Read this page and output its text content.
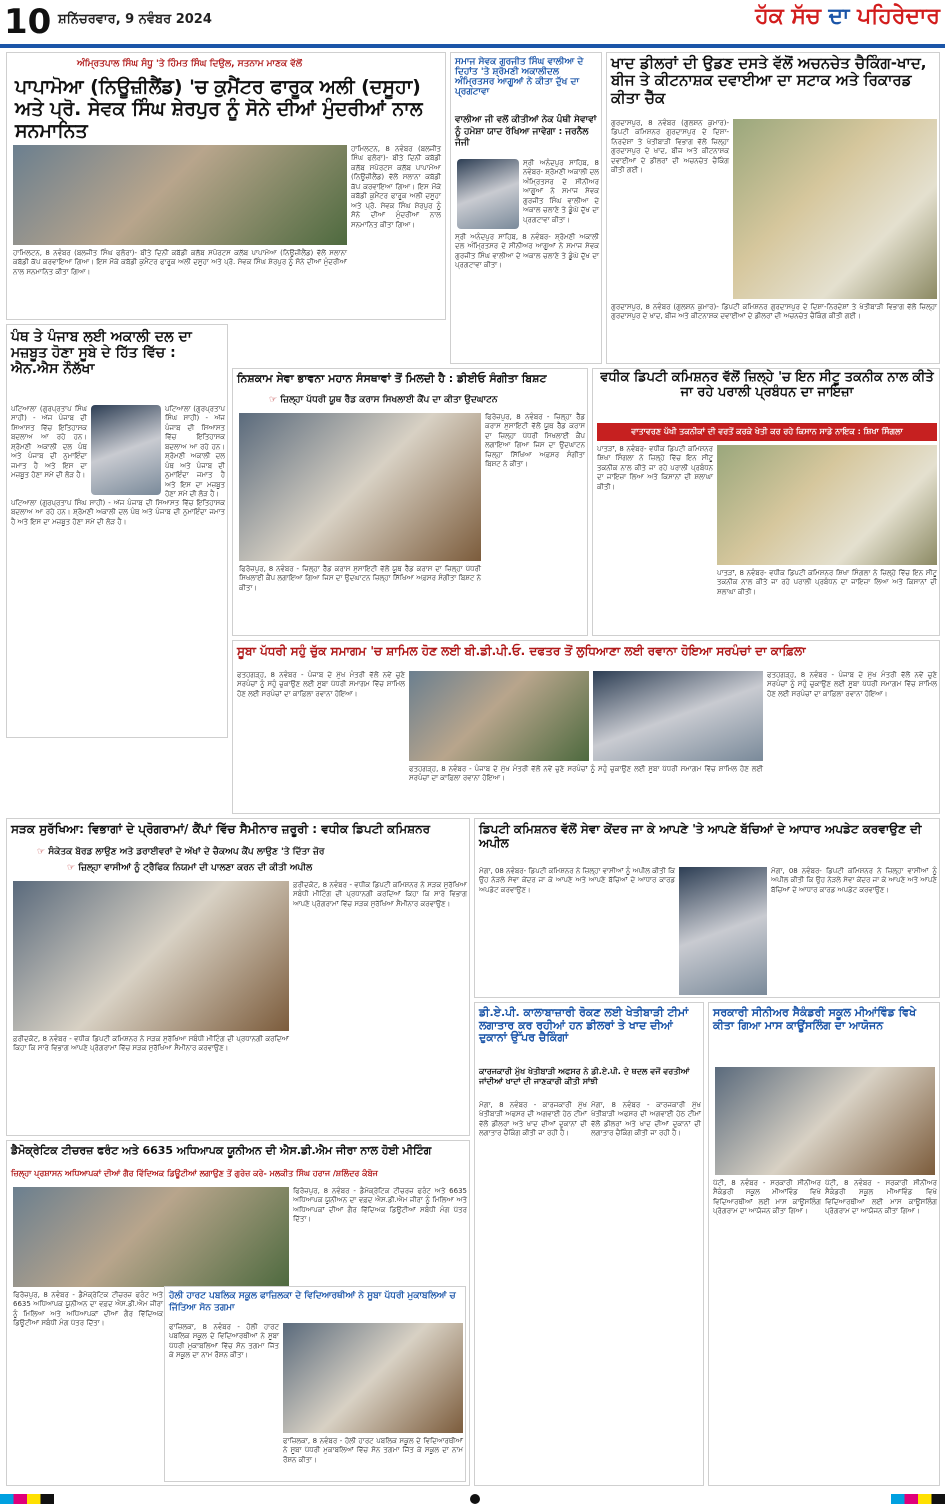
10 ਸ਼ਨਿੱਚਰਵਾਰ, 9 ਨਵੰਬਰ 2024	ਹੱਕ ਸੱਚ ਦਾ ਪਹਿਰੇਦਾਰ
ਅੰਮ੍ਰਿਤਪਾਲ ਸਿੰਘ ਸੰਧੂ 'ਤੇ ਹਿੰਮਤ ਸਿੰਘ ਦਿਉਲ, ਸਤਨਾਮ ਮਾਣਕ ਵੱਲੋਂ
ਪਾਪਾਮੋਆ (ਨਿਊਜ਼ੀਲੈਂਡ) 'ਚ ਕੁਮੈਂਟਰ ਫਾਰੂਕ ਅਲੀ (ਦਸੂਹਾ) ਅਤੇ ਪ੍ਰੋ. ਸੇਵਕ ਸਿੰਘ ਸ਼ੇਰਪੁਰ ਨੂੰ ਸੋਨੇ ਦੀਆਂ ਮੁੰਦਰੀਆਂ ਨਾਲ ਸਨਮਾਨਿਤ
ਹਾਮਿਲਟਨ, 8 ਨਵੰਬਰ (ਬਲਜੀਤ ਸਿੰਘ ਫਲੋਰਾ)- ਬੀਤੇ ਦਿਨੀਂ ਕਬੱਡੀ ਕਲੱਬ ਸਪੋਰਟਸ ਕਲੱਬ ਪਾਪਾਮੋਆ (ਨਿਊਜ਼ੀਲੈਂਡ) ਵੱਲੋਂ ਸਲਾਨਾ ਕਬੱਡੀ ਕੱਪ ਕਰਵਾਇਆ ਗਿਆ। ਇਸ ਮੌਕੇ ਕਬੱਡੀ ਕੁਮੈਂਟਰ ਫਾਰੂਕ ਅਲੀ ਦਸੂਹਾ ਅਤੇ ਪ੍ਰੋ. ਸੇਵਕ ਸਿੰਘ ਸ਼ੇਰਪੁਰ ਨੂੰ ਸੋਨੇ ਦੀਆਂ ਮੁੰਦਰੀਆਂ ਨਾਲ ਸਨਮਾਨਿਤ ਕੀਤਾ ਗਿਆ।
ਹਾਮਿਲਟਨ, 8 ਨਵੰਬਰ (ਬਲਜੀਤ ਸਿੰਘ ਫਲੋਰਾ)- ਬੀਤੇ ਦਿਨੀਂ ਕਬੱਡੀ ਕਲੱਬ ਸਪੋਰਟਸ ਕਲੱਬ ਪਾਪਾਮੋਆ (ਨਿਊਜ਼ੀਲੈਂਡ) ਵੱਲੋਂ ਸਲਾਨਾ ਕਬੱਡੀ ਕੱਪ ਕਰਵਾਇਆ ਗਿਆ। ਇਸ ਮੌਕੇ ਕਬੱਡੀ ਕੁਮੈਂਟਰ ਫਾਰੂਕ ਅਲੀ ਦਸੂਹਾ ਅਤੇ ਪ੍ਰੋ. ਸੇਵਕ ਸਿੰਘ ਸ਼ੇਰਪੁਰ ਨੂੰ ਸੋਨੇ ਦੀਆਂ ਮੁੰਦਰੀਆਂ ਨਾਲ ਸਨਮਾਨਿਤ ਕੀਤਾ ਗਿਆ।
ਸਮਾਜ ਸੇਵਕ ਗੁਰਜੀਤ ਸਿੰਘ ਵਾਲੀਆ ਦੇ ਦਿਹਾਂਤ 'ਤੇ ਸ਼੍ਰੋਮਣੀ ਅਕਾਲੀਦਲ ਅੰਮ੍ਰਿਤਸਰ ਆਗੂਆਂ ਨੇ ਕੀਤਾ ਦੁੱਖ ਦਾ ਪ੍ਰਗਟਾਵਾ
ਵਾਲੀਆ ਜੀ ਵਲੋਂ ਕੀਤੀਆਂ ਨੇਕ ਪੰਥੀ ਸੇਵਾਵਾਂ ਨੂੰ ਹਮੇਸ਼ਾ ਯਾਦ ਰੱਖਿਆ ਜਾਵੇਗਾ : ਜਰਨੈਲ ਜੇਜੀ
ਸ੍ਰੀ ਅਨੰਦਪੁਰ ਸਾਹਿਬ, 8 ਨਵੰਬਰ- ਸ਼੍ਰੋਮਣੀ ਅਕਾਲੀ ਦਲ ਅੰਮ੍ਰਿਤਸਰ ਦੇ ਸੀਨੀਅਰ ਆਗੂਆਂ ਨੇ ਸਮਾਜ ਸੇਵਕ ਗੁਰਜੀਤ ਸਿੰਘ ਵਾਲੀਆ ਦੇ ਅਕਾਲ ਚਲਾਣੇ ਤੇ ਡੂੰਘੇ ਦੁੱਖ ਦਾ ਪ੍ਰਗਟਾਵਾ ਕੀਤਾ।
ਸ੍ਰੀ ਅਨੰਦਪੁਰ ਸਾਹਿਬ, 8 ਨਵੰਬਰ- ਸ਼੍ਰੋਮਣੀ ਅਕਾਲੀ ਦਲ ਅੰਮ੍ਰਿਤਸਰ ਦੇ ਸੀਨੀਅਰ ਆਗੂਆਂ ਨੇ ਸਮਾਜ ਸੇਵਕ ਗੁਰਜੀਤ ਸਿੰਘ ਵਾਲੀਆ ਦੇ ਅਕਾਲ ਚਲਾਣੇ ਤੇ ਡੂੰਘੇ ਦੁੱਖ ਦਾ ਪ੍ਰਗਟਾਵਾ ਕੀਤਾ।
ਖਾਦ ਡੀਲਰਾਂ ਦੀ ਉਡਣ ਦਸਤੇ ਵੱਲੋਂ ਅਚਨਚੇਤ ਚੈਕਿੰਗ-ਖਾਦ, ਬੀਜ ਤੇ ਕੀਟਨਾਸ਼ਕ ਦਵਾਈਆ ਦਾ ਸਟਾਕ ਅਤੇ ਰਿਕਾਰਡ ਕੀਤਾ ਚੈੱਕ
ਗੁਰਦਾਸਪੁਰ, 8 ਨਵੰਬਰ (ਗੁਲਸ਼ਨ ਕੁਮਾਰ)- ਡਿਪਟੀ ਕਮਿਸ਼ਨਰ ਗੁਰਦਾਸਪੁਰ ਦੇ ਦਿਸ਼ਾ-ਨਿਰਦੇਸ਼ਾਂ ਤੇ ਖੇਤੀਬਾੜੀ ਵਿਭਾਗ ਵੱਲੋਂ ਜ਼ਿਲ੍ਹਾ ਗੁਰਦਾਸਪੁਰ ਦੇ ਖਾਦ, ਬੀਜ ਅਤੇ ਕੀਟਨਾਸ਼ਕ ਦਵਾਈਆਂ ਦੇ ਡੀਲਰਾਂ ਦੀ ਅਚਨਚੇਤ ਚੈਕਿੰਗ ਕੀਤੀ ਗਈ।
ਗੁਰਦਾਸਪੁਰ, 8 ਨਵੰਬਰ (ਗੁਲਸ਼ਨ ਕੁਮਾਰ)- ਡਿਪਟੀ ਕਮਿਸ਼ਨਰ ਗੁਰਦਾਸਪੁਰ ਦੇ ਦਿਸ਼ਾ-ਨਿਰਦੇਸ਼ਾਂ ਤੇ ਖੇਤੀਬਾੜੀ ਵਿਭਾਗ ਵੱਲੋਂ ਜ਼ਿਲ੍ਹਾ ਗੁਰਦਾਸਪੁਰ ਦੇ ਖਾਦ, ਬੀਜ ਅਤੇ ਕੀਟਨਾਸ਼ਕ ਦਵਾਈਆਂ ਦੇ ਡੀਲਰਾਂ ਦੀ ਅਚਨਚੇਤ ਚੈਕਿੰਗ ਕੀਤੀ ਗਈ।
ਪੰਥ ਤੇ ਪੰਜਾਬ ਲਈ ਅਕਾਲੀ ਦਲ ਦਾ ਮਜ਼ਬੂਤ ਹੋਣਾ ਸੂਬੇ ਦੇ ਹਿੱਤ ਵਿੱਚ : ਐਨ.ਐਸ ਨੌਲੱਖਾ
ਪਟਿਆਲਾ (ਗੁਰਪ੍ਰਤਾਪ ਸਿੰਘ ਸਾਹੀ) - ਅੱਜ ਪੰਜਾਬ ਦੀ ਸਿਆਸਤ ਵਿੱਚ ਇਤਿਹਾਸਕ ਬਦਲਾਅ ਆ ਰਹੇ ਹਨ। ਸ਼੍ਰੋਮਣੀ ਅਕਾਲੀ ਦਲ ਪੰਥ ਅਤੇ ਪੰਜਾਬ ਦੀ ਨੁਮਾਇੰਦਾ ਜਮਾਤ ਹੈ ਅਤੇ ਇਸ ਦਾ ਮਜ਼ਬੂਤ ਹੋਣਾ ਸਮੇਂ ਦੀ ਲੋੜ ਹੈ।
ਪਟਿਆਲਾ (ਗੁਰਪ੍ਰਤਾਪ ਸਿੰਘ ਸਾਹੀ) - ਅੱਜ ਪੰਜਾਬ ਦੀ ਸਿਆਸਤ ਵਿੱਚ ਇਤਿਹਾਸਕ ਬਦਲਾਅ ਆ ਰਹੇ ਹਨ। ਸ਼੍ਰੋਮਣੀ ਅਕਾਲੀ ਦਲ ਪੰਥ ਅਤੇ ਪੰਜਾਬ ਦੀ ਨੁਮਾਇੰਦਾ ਜਮਾਤ ਹੈ ਅਤੇ ਇਸ ਦਾ ਮਜ਼ਬੂਤ ਹੋਣਾ ਸਮੇਂ ਦੀ ਲੋੜ ਹੈ।
ਪਟਿਆਲਾ (ਗੁਰਪ੍ਰਤਾਪ ਸਿੰਘ ਸਾਹੀ) - ਅੱਜ ਪੰਜਾਬ ਦੀ ਸਿਆਸਤ ਵਿੱਚ ਇਤਿਹਾਸਕ ਬਦਲਾਅ ਆ ਰਹੇ ਹਨ। ਸ਼੍ਰੋਮਣੀ ਅਕਾਲੀ ਦਲ ਪੰਥ ਅਤੇ ਪੰਜਾਬ ਦੀ ਨੁਮਾਇੰਦਾ ਜਮਾਤ ਹੈ ਅਤੇ ਇਸ ਦਾ ਮਜ਼ਬੂਤ ਹੋਣਾ ਸਮੇਂ ਦੀ ਲੋੜ ਹੈ।
ਨਿਸ਼ਕਾਮ ਸੇਵਾ ਭਾਵਨਾ ਮਹਾਨ ਸੰਸਥਾਵਾਂ ਤੋਂ ਮਿਲਦੀ ਹੈ : ਡੀਈਓ ਸੰਗੀਤਾ ਬਿਸ਼ਟ
☞ ਜ਼ਿਲ੍ਹਾ ਪੱਧਰੀ ਯੂਥ ਰੈੱਡ ਕਰਾਸ ਸਿਖਲਾਈ ਕੈਂਪ ਦਾ ਕੀਤਾ ਉਦਘਾਟਨ
ਫਿਰੋਜ਼ਪੁਰ, 8 ਨਵੰਬਰ - ਜ਼ਿਲ੍ਹਾ ਰੈੱਡ ਕਰਾਸ ਸੁਸਾਇਟੀ ਵੱਲੋਂ ਯੂਥ ਰੈੱਡ ਕਰਾਸ ਦਾ ਜ਼ਿਲ੍ਹਾ ਪੱਧਰੀ ਸਿਖਲਾਈ ਕੈਂਪ ਲਗਾਇਆ ਗਿਆ ਜਿਸ ਦਾ ਉਦਘਾਟਨ ਜ਼ਿਲ੍ਹਾ ਸਿੱਖਿਆ ਅਫ਼ਸਰ ਸੰਗੀਤਾ ਬਿਸ਼ਟ ਨੇ ਕੀਤਾ।
ਫਿਰੋਜ਼ਪੁਰ, 8 ਨਵੰਬਰ - ਜ਼ਿਲ੍ਹਾ ਰੈੱਡ ਕਰਾਸ ਸੁਸਾਇਟੀ ਵੱਲੋਂ ਯੂਥ ਰੈੱਡ ਕਰਾਸ ਦਾ ਜ਼ਿਲ੍ਹਾ ਪੱਧਰੀ ਸਿਖਲਾਈ ਕੈਂਪ ਲਗਾਇਆ ਗਿਆ ਜਿਸ ਦਾ ਉਦਘਾਟਨ ਜ਼ਿਲ੍ਹਾ ਸਿੱਖਿਆ ਅਫ਼ਸਰ ਸੰਗੀਤਾ ਬਿਸ਼ਟ ਨੇ ਕੀਤਾ।
ਵਧੀਕ ਡਿਪਟੀ ਕਮਿਸ਼ਨਰ ਵੱਲੋਂ ਜ਼ਿਲ੍ਹੇ 'ਚ ਇਨ ਸੀਟੂ ਤਕਨੀਕ ਨਾਲ ਕੀਤੇ ਜਾ ਰਹੇ ਪਰਾਲੀ ਪ੍ਰਬੰਧਨ ਦਾ ਜਾਇਜ਼ਾ
ਵਾਤਾਵਰਣ ਪੱਖੀ ਤਕਨੀਕਾਂ ਦੀ ਵਰਤੋਂ ਕਰਕੇ ਖੇਤੀ ਕਰ ਰਹੇ ਕਿਸਾਨ ਸਾਡੇ ਨਾਇਕ : ਸ਼ਿਖਾ ਸਿੰਗਲਾ
ਪਾਤੜਾਂ, 8 ਨਵੰਬਰ- ਵਧੀਕ ਡਿਪਟੀ ਕਮਿਸ਼ਨਰ ਸ਼ਿਖਾ ਸਿੰਗਲਾ ਨੇ ਜ਼ਿਲ੍ਹੇ ਵਿੱਚ ਇਨ ਸੀਟੂ ਤਕਨੀਕ ਨਾਲ ਕੀਤੇ ਜਾ ਰਹੇ ਪਰਾਲੀ ਪ੍ਰਬੰਧਨ ਦਾ ਜਾਇਜ਼ਾ ਲਿਆ ਅਤੇ ਕਿਸਾਨਾਂ ਦੀ ਸ਼ਲਾਘਾ ਕੀਤੀ।
ਪਾਤੜਾਂ, 8 ਨਵੰਬਰ- ਵਧੀਕ ਡਿਪਟੀ ਕਮਿਸ਼ਨਰ ਸ਼ਿਖਾ ਸਿੰਗਲਾ ਨੇ ਜ਼ਿਲ੍ਹੇ ਵਿੱਚ ਇਨ ਸੀਟੂ ਤਕਨੀਕ ਨਾਲ ਕੀਤੇ ਜਾ ਰਹੇ ਪਰਾਲੀ ਪ੍ਰਬੰਧਨ ਦਾ ਜਾਇਜ਼ਾ ਲਿਆ ਅਤੇ ਕਿਸਾਨਾਂ ਦੀ ਸ਼ਲਾਘਾ ਕੀਤੀ।
ਸੂਬਾ ਪੱਧਰੀ ਸਹੁੰ ਚੁੱਕ ਸਮਾਗਮ 'ਚ ਸ਼ਾਮਿਲ ਹੋਣ ਲਈ ਬੀ.ਡੀ.ਪੀ.ਓ. ਦਫਤਰ ਤੋਂ ਲੁਧਿਆਣਾ ਲਈ ਰਵਾਨਾ ਹੋਇਆ ਸਰਪੰਚਾਂ ਦਾ ਕਾਫ਼ਿਲਾ
ਫਤਹਗੜ੍ਹ, 8 ਨਵੰਬਰ - ਪੰਜਾਬ ਦੇ ਮੁੱਖ ਮੰਤਰੀ ਵੱਲੋਂ ਨਵੇਂ ਚੁਣੇ ਸਰਪੰਚਾਂ ਨੂੰ ਸਹੁੰ ਚੁਕਾਉਣ ਲਈ ਸੂਬਾ ਪੱਧਰੀ ਸਮਾਗਮ ਵਿੱਚ ਸ਼ਾਮਿਲ ਹੋਣ ਲਈ ਸਰਪੰਚਾਂ ਦਾ ਕਾਫ਼ਿਲਾ ਰਵਾਨਾ ਹੋਇਆ।
ਫਤਹਗੜ੍ਹ, 8 ਨਵੰਬਰ - ਪੰਜਾਬ ਦੇ ਮੁੱਖ ਮੰਤਰੀ ਵੱਲੋਂ ਨਵੇਂ ਚੁਣੇ ਸਰਪੰਚਾਂ ਨੂੰ ਸਹੁੰ ਚੁਕਾਉਣ ਲਈ ਸੂਬਾ ਪੱਧਰੀ ਸਮਾਗਮ ਵਿੱਚ ਸ਼ਾਮਿਲ ਹੋਣ ਲਈ ਸਰਪੰਚਾਂ ਦਾ ਕਾਫ਼ਿਲਾ ਰਵਾਨਾ ਹੋਇਆ।
ਫਤਹਗੜ੍ਹ, 8 ਨਵੰਬਰ - ਪੰਜਾਬ ਦੇ ਮੁੱਖ ਮੰਤਰੀ ਵੱਲੋਂ ਨਵੇਂ ਚੁਣੇ ਸਰਪੰਚਾਂ ਨੂੰ ਸਹੁੰ ਚੁਕਾਉਣ ਲਈ ਸੂਬਾ ਪੱਧਰੀ ਸਮਾਗਮ ਵਿੱਚ ਸ਼ਾਮਿਲ ਹੋਣ ਲਈ ਸਰਪੰਚਾਂ ਦਾ ਕਾਫ਼ਿਲਾ ਰਵਾਨਾ ਹੋਇਆ।
ਸੜਕ ਸੁਰੱਖਿਆ: ਵਿਭਾਗਾਂ ਦੇ ਪ੍ਰੋਗਰਾਮਾਂ/ ਕੈਂਪਾਂ ਵਿੱਚ ਸੈਮੀਨਾਰ ਜ਼ਰੂਰੀ : ਵਧੀਕ ਡਿਪਟੀ ਕਮਿਸ਼ਨਰ
☞ ਸੰਕੇਤਕ ਬੋਰਡ ਲਾਉਣ ਅਤੇ ਡਰਾਈਵਰਾਂ ਦੇ ਅੱਖਾਂ ਦੇ ਚੈਕਅਪ ਕੈਂਪ ਲਾਉਣ 'ਤੇ ਦਿੱਤਾ ਜ਼ੋਰ
☞ ਜ਼ਿਲ੍ਹਾ ਵਾਸੀਆਂ ਨੂੰ ਟ੍ਰੈਫਿਕ ਨਿਯਮਾਂ ਦੀ ਪਾਲਣਾ ਕਰਨ ਦੀ ਕੀਤੀ ਅਪੀਲ
ਫ਼ਰੀਦਕੋਟ, 8 ਨਵੰਬਰ - ਵਧੀਕ ਡਿਪਟੀ ਕਮਿਸ਼ਨਰ ਨੇ ਸੜਕ ਸੁਰੱਖਿਆ ਸਬੰਧੀ ਮੀਟਿੰਗ ਦੀ ਪ੍ਰਧਾਨਗੀ ਕਰਦਿਆਂ ਕਿਹਾ ਕਿ ਸਾਰੇ ਵਿਭਾਗ ਆਪਣੇ ਪ੍ਰੋਗਰਾਮਾਂ ਵਿੱਚ ਸੜਕ ਸੁਰੱਖਿਆ ਸੈਮੀਨਾਰ ਕਰਵਾਉਣ।
ਫ਼ਰੀਦਕੋਟ, 8 ਨਵੰਬਰ - ਵਧੀਕ ਡਿਪਟੀ ਕਮਿਸ਼ਨਰ ਨੇ ਸੜਕ ਸੁਰੱਖਿਆ ਸਬੰਧੀ ਮੀਟਿੰਗ ਦੀ ਪ੍ਰਧਾਨਗੀ ਕਰਦਿਆਂ ਕਿਹਾ ਕਿ ਸਾਰੇ ਵਿਭਾਗ ਆਪਣੇ ਪ੍ਰੋਗਰਾਮਾਂ ਵਿੱਚ ਸੜਕ ਸੁਰੱਖਿਆ ਸੈਮੀਨਾਰ ਕਰਵਾਉਣ।
ਡਿਪਟੀ ਕਮਿਸ਼ਨਰ ਵੱਲੋਂ ਸੇਵਾ ਕੇਂਦਰ ਜਾ ਕੇ ਆਪਣੇ 'ਤੇ ਆਪਣੇ ਬੱਚਿਆਂ ਦੇ ਆਧਾਰ ਅਪਡੇਟ ਕਰਵਾਉਣ ਦੀ ਅਪੀਲ
ਮੋਗਾ, 08 ਨਵੰਬਰ- ਡਿਪਟੀ ਕਮਿਸ਼ਨਰ ਨੇ ਜ਼ਿਲ੍ਹਾ ਵਾਸੀਆਂ ਨੂੰ ਅਪੀਲ ਕੀਤੀ ਕਿ ਉਹ ਨੇੜਲੇ ਸੇਵਾ ਕੇਂਦਰ ਜਾ ਕੇ ਆਪਣੇ ਅਤੇ ਆਪਣੇ ਬੱਚਿਆਂ ਦੇ ਆਧਾਰ ਕਾਰਡ ਅਪਡੇਟ ਕਰਵਾਉਣ।
ਮੋਗਾ, 08 ਨਵੰਬਰ- ਡਿਪਟੀ ਕਮਿਸ਼ਨਰ ਨੇ ਜ਼ਿਲ੍ਹਾ ਵਾਸੀਆਂ ਨੂੰ ਅਪੀਲ ਕੀਤੀ ਕਿ ਉਹ ਨੇੜਲੇ ਸੇਵਾ ਕੇਂਦਰ ਜਾ ਕੇ ਆਪਣੇ ਅਤੇ ਆਪਣੇ ਬੱਚਿਆਂ ਦੇ ਆਧਾਰ ਕਾਰਡ ਅਪਡੇਟ ਕਰਵਾਉਣ।
ਡੈਮੋਕ੍ਰੇਟਿਕ ਟੀਚਰਜ਼ ਫਰੰਟ ਅਤੇ 6635 ਅਧਿਆਪਕ ਯੂਨੀਅਨ ਦੀ ਐਸ.ਡੀ.ਐਮ ਜੀਰਾ ਨਾਲ ਹੋਈ ਮੀਟਿੰਗ
ਜ਼ਿਲ੍ਹਾ ਪ੍ਰਸ਼ਾਸਨ ਅਧਿਆਪਕਾਂ ਦੀਆਂ ਗੈਰ ਵਿੱਦਿਅਕ ਡਿਊਟੀਆਂ ਲਗਾਉਣ ਤੋਂ ਗੁਰੇਜ਼ ਕਰੇ- ਮਲਕੀਤ ਸਿੰਘ ਹਰਾਜ /ਸ਼ਲਿੰਦਰ ਕੰਬੋਜ
ਫਿਰੋਜ਼ਪੁਰ, 8 ਨਵੰਬਰ - ਡੈਮੋਕ੍ਰੇਟਿਕ ਟੀਚਰਜ਼ ਫਰੰਟ ਅਤੇ 6635 ਅਧਿਆਪਕ ਯੂਨੀਅਨ ਦਾ ਵਫ਼ਦ ਐਸ.ਡੀ.ਐਮ ਜੀਰਾ ਨੂੰ ਮਿਲਿਆ ਅਤੇ ਅਧਿਆਪਕਾਂ ਦੀਆਂ ਗੈਰ ਵਿੱਦਿਅਕ ਡਿਊਟੀਆਂ ਸਬੰਧੀ ਮੰਗ ਪੱਤਰ ਦਿੱਤਾ।
ਫਿਰੋਜ਼ਪੁਰ, 8 ਨਵੰਬਰ - ਡੈਮੋਕ੍ਰੇਟਿਕ ਟੀਚਰਜ਼ ਫਰੰਟ ਅਤੇ 6635 ਅਧਿਆਪਕ ਯੂਨੀਅਨ ਦਾ ਵਫ਼ਦ ਐਸ.ਡੀ.ਐਮ ਜੀਰਾ ਨੂੰ ਮਿਲਿਆ ਅਤੇ ਅਧਿਆਪਕਾਂ ਦੀਆਂ ਗੈਰ ਵਿੱਦਿਅਕ ਡਿਊਟੀਆਂ ਸਬੰਧੀ ਮੰਗ ਪੱਤਰ ਦਿੱਤਾ।
ਹੋਲੀ ਹਾਰਟ ਪਬਲਿਕ ਸਕੂਲ ਫਾਜ਼ਿਲਕਾ ਦੇ ਵਿਦਿਆਰਥੀਆਂ ਨੇ ਸੂਬਾ ਪੱਧਰੀ ਮੁਕਾਬਲਿਆਂ ਚ ਜਿੱਤਿਆ ਸੋਨ ਤਗਮਾ
ਫਾਜ਼ਿਲਕਾ, 8 ਨਵੰਬਰ - ਹੋਲੀ ਹਾਰਟ ਪਬਲਿਕ ਸਕੂਲ ਦੇ ਵਿਦਿਆਰਥੀਆਂ ਨੇ ਸੂਬਾ ਪੱਧਰੀ ਮੁਕਾਬਲਿਆਂ ਵਿੱਚ ਸੋਨ ਤਗਮਾ ਜਿੱਤ ਕੇ ਸਕੂਲ ਦਾ ਨਾਮ ਰੌਸ਼ਨ ਕੀਤਾ।
ਫਾਜ਼ਿਲਕਾ, 8 ਨਵੰਬਰ - ਹੋਲੀ ਹਾਰਟ ਪਬਲਿਕ ਸਕੂਲ ਦੇ ਵਿਦਿਆਰਥੀਆਂ ਨੇ ਸੂਬਾ ਪੱਧਰੀ ਮੁਕਾਬਲਿਆਂ ਵਿੱਚ ਸੋਨ ਤਗਮਾ ਜਿੱਤ ਕੇ ਸਕੂਲ ਦਾ ਨਾਮ ਰੌਸ਼ਨ ਕੀਤਾ।
ਡੀ.ਏ.ਪੀ. ਕਾਲਾਬਾਜ਼ਾਰੀ ਰੋਕਣ ਲਈ ਖੇਤੀਬਾੜੀ ਟੀਮਾਂ ਲਗਾਤਾਰ ਕਰ ਰਹੀਆਂ ਹਨ ਡੀਲਰਾਂ ਤੇ ਖਾਦ ਦੀਆਂ ਦੁਕਾਨਾਂ ਉੱਪਰ ਚੈਕਿੰਗਾਂ
ਕਾਰਜਕਾਰੀ ਮੁੱਖ ਖੇਤੀਬਾੜੀ ਅਫਸਰ ਨੇ ਡੀ.ਏ.ਪੀ. ਦੇ ਥਦਲ ਵਜੋਂ ਵਰਤੀਆਂ ਜਾਂਦੀਆਂ ਖਾਦਾਂ ਦੀ ਜਾਣਕਾਰੀ ਕੀਤੀ ਸਾਂਝੀ
ਮੋਗਾ, 8 ਨਵੰਬਰ - ਕਾਰਜਕਾਰੀ ਮੁੱਖ ਖੇਤੀਬਾੜੀ ਅਫਸਰ ਦੀ ਅਗਵਾਈ ਹੇਠ ਟੀਮਾਂ ਵੱਲੋਂ ਡੀਲਰਾਂ ਅਤੇ ਖਾਦ ਦੀਆਂ ਦੁਕਾਨਾਂ ਦੀ ਲਗਾਤਾਰ ਚੈਕਿੰਗ ਕੀਤੀ ਜਾ ਰਹੀ ਹੈ।
ਮੋਗਾ, 8 ਨਵੰਬਰ - ਕਾਰਜਕਾਰੀ ਮੁੱਖ ਖੇਤੀਬਾੜੀ ਅਫਸਰ ਦੀ ਅਗਵਾਈ ਹੇਠ ਟੀਮਾਂ ਵੱਲੋਂ ਡੀਲਰਾਂ ਅਤੇ ਖਾਦ ਦੀਆਂ ਦੁਕਾਨਾਂ ਦੀ ਲਗਾਤਾਰ ਚੈਕਿੰਗ ਕੀਤੀ ਜਾ ਰਹੀ ਹੈ।
ਸਰਕਾਰੀ ਸੀਨੀਅਰ ਸੈਕੰਡਰੀ ਸਕੂਲ ਮੀਆਂਵਿੰਡ ਵਿਖੇ ਕੀਤਾ ਗਿਆ ਮਾਸ ਕਾਊਂਸਲਿੰਗ ਦਾ ਆਯੋਜਨ
ਪੱਟੀ, 8 ਨਵੰਬਰ - ਸਰਕਾਰੀ ਸੀਨੀਅਰ ਸੈਕੰਡਰੀ ਸਕੂਲ ਮੀਆਂਵਿੰਡ ਵਿਖੇ ਵਿਦਿਆਰਥੀਆਂ ਲਈ ਮਾਸ ਕਾਊਂਸਲਿੰਗ ਪ੍ਰੋਗਰਾਮ ਦਾ ਆਯੋਜਨ ਕੀਤਾ ਗਿਆ।
ਪੱਟੀ, 8 ਨਵੰਬਰ - ਸਰਕਾਰੀ ਸੀਨੀਅਰ ਸੈਕੰਡਰੀ ਸਕੂਲ ਮੀਆਂਵਿੰਡ ਵਿਖੇ ਵਿਦਿਆਰਥੀਆਂ ਲਈ ਮਾਸ ਕਾਊਂਸਲਿੰਗ ਪ੍ਰੋਗਰਾਮ ਦਾ ਆਯੋਜਨ ਕੀਤਾ ਗਿਆ।
